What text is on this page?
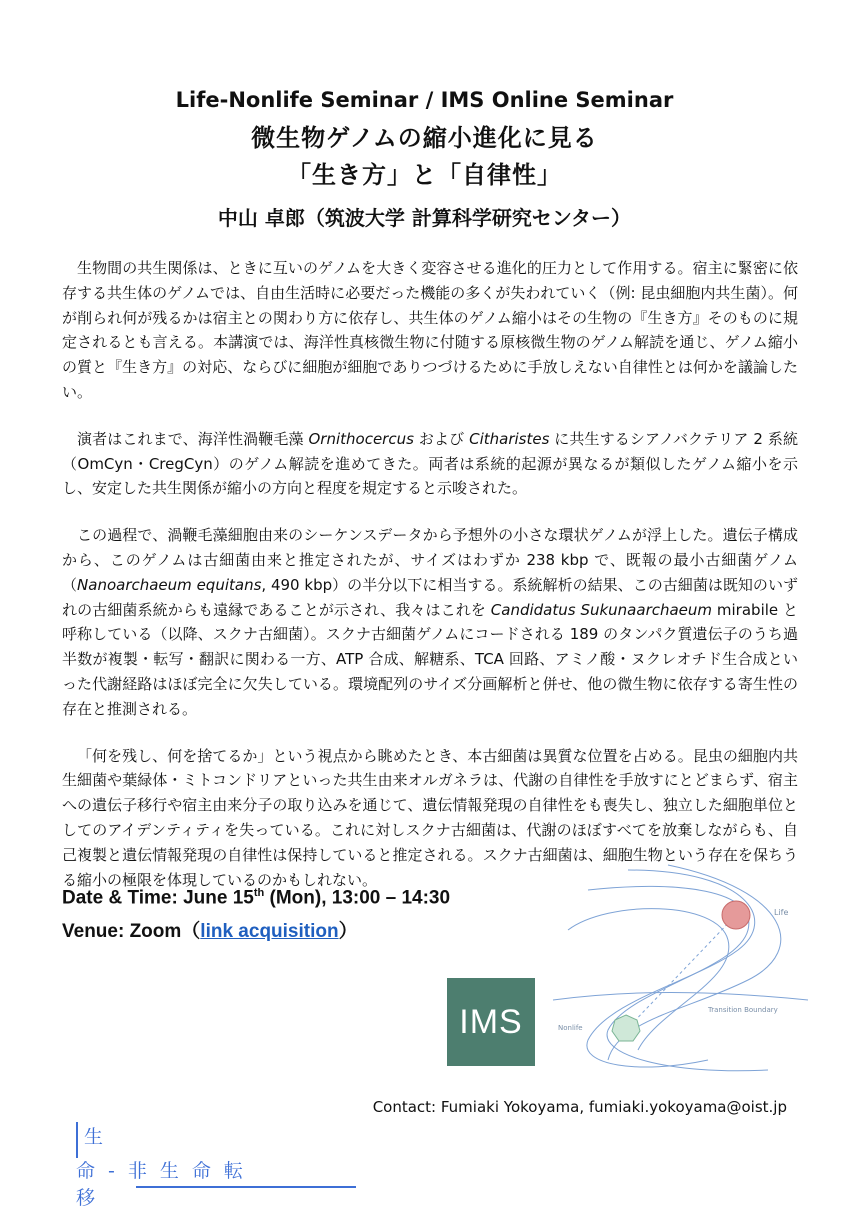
Life-Nonlife Seminar / IMS Online Seminar
微生物ゲノムの縮小進化に見る
「生き方」と「自律性」
中山 卓郎（筑波大学 計算科学研究センター）

生物間の共生関係は、ときに互いのゲノムを大きく変容させる進化的圧力として作用する。宿主に緊密に依存する共生体のゲノムでは、自由生活時に必要だった機能の多くが失われていく（例: 昆虫細胞内共生菌）。何が削られ何が残るかは宿主との関わり方に依存し、共生体のゲノム縮小はその生物の『生き方』そのものに規定されるとも言える。本講演では、海洋性真核微生物に付随する原核微生物のゲノム解読を通じ、ゲノム縮小の質と『生き方』の対応、ならびに細胞が細胞でありつづけるために手放しえない自律性とは何かを議論したい。

演者はこれまで、海洋性渦鞭毛藻 Ornithocercus および Citharistes に共生するシアノバクテリア 2 系統（OmCyn・CregCyn）のゲノム解読を進めてきた。両者は系統的起源が異なるが類似したゲノム縮小を示し、安定した共生関係が縮小の方向と程度を規定すると示唆された。

この過程で、渦鞭毛藻細胞由来のシーケンスデータから予想外の小さな環状ゲノムが浮上した。遺伝子構成から、このゲノムは古細菌由来と推定されたが、サイズはわずか 238 kbp で、既報の最小古細菌ゲノム（Nanoarchaeum equitans, 490 kbp）の半分以下に相当する。系統解析の結果、この古細菌は既知のいずれの古細菌系統からも遠縁であることが示され、我々はこれを Candidatus Sukunaarchaeum mirabile と呼称している（以降、スクナ古細菌）。スクナ古細菌ゲノムにコードされる 189 のタンパク質遺伝子のうち過半数が複製・転写・翻訳に関わる一方、ATP 合成、解糖系、TCA 回路、アミノ酸・ヌクレオチド生合成といった代謝経路はほぼ完全に欠失している。環境配列のサイズ分画解析と併せ、他の微生物に依存する寄生性の存在と推測される。

「何を残し、何を捨てるか」という視点から眺めたとき、本古細菌は異質な位置を占める。昆虫の細胞内共生細菌や葉緑体・ミトコンドリアといった共生由来オルガネラは、代謝の自律性を手放すにとどまらず、宿主への遺伝子移行や宿主由来分子の取り込みを通じて、遺伝情報発現の自律性をも喪失し、独立した細胞単位としてのアイデンティティを失っている。これに対しスクナ古細菌は、代謝のほぼすべてを放棄しながらも、自己複製と遺伝情報発現の自律性は保持していると推定される。スクナ古細菌は、細胞生物という存在を保ちうる縮小の極限を体現しているのかもしれない。

Date & Time: June 15th (Mon), 13:00 – 14:30
Venue: Zoom（link acquisition）
IMS
Life
Transition Boundary
Nonlife
Contact: Fumiaki Yokoyama, fumiaki.yokoyama@oist.jp
生
命-非生命転移
